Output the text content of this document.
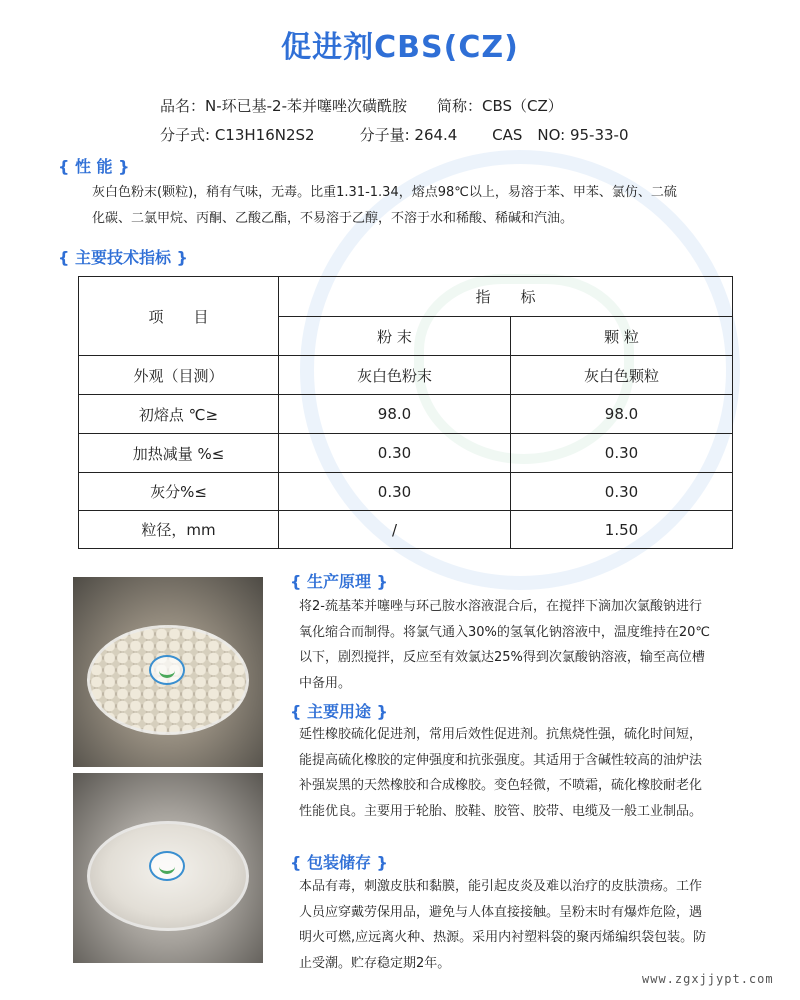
促进剂CBS(CZ)
品名：N-环已基-2-苯并噻唑次磺酰胺　　简称：CBS（CZ）
分子式: C13H16N2S2　　　分子量: 264.4　　 CAS　NO: 95-33-0
{ 性 能 }
灰白色粉末(颗粒)，稍有气味，无毒。比重1.31-1.34，熔点98℃以上，易溶于苯、甲苯、氯仿、二硫
化碳、二氯甲烷、丙酮、乙酸乙酯，不易溶于乙醇，不溶于水和稀酸、稀碱和汽油。
{ 主要技术指标 }
项　　目	指　　标	
	粉 末	颗 粒
外观（目测）	灰白色粉末	灰白色颗粒
初熔点 ℃≥	98.0	98.0
加热减量 %≤	0.30	0.30
灰分%≤	0.30	0.30
粒径，mm	/	1.50
{ 生产原理 }
将2-巯基苯并噻唑与环己胺水溶液混合后，在搅拌下滴加次氯酸钠进行
氧化缩合而制得。将氯气通入30%的氢氧化钠溶液中，温度维持在20℃
以下，剧烈搅拌，反应至有效氯达25%得到次氯酸钠溶液，输至高位槽
中备用。
{ 主要用途 }
延性橡胶硫化促进剂，常用后效性促进剂。抗焦烧性强，硫化时间短，
能提高硫化橡胶的定伸强度和抗张强度。其适用于含碱性较高的油炉法
补强炭黑的天然橡胶和合成橡胶。变色轻微，不喷霜，硫化橡胶耐老化
性能优良。主要用于轮胎、胶鞋、胶管、胶带、电缆及一般工业制品。
{ 包装储存 }
本品有毒，刺激皮肤和黏膜，能引起皮炎及难以治疗的皮肤溃疡。工作
人员应穿戴劳保用品，避免与人体直接接触。呈粉末时有爆炸危险，遇
明火可燃,应远离火种、热源。采用内衬塑料袋的聚丙烯编织袋包装。防
止受潮。贮存稳定期2年。
www.zgxjjypt.com
